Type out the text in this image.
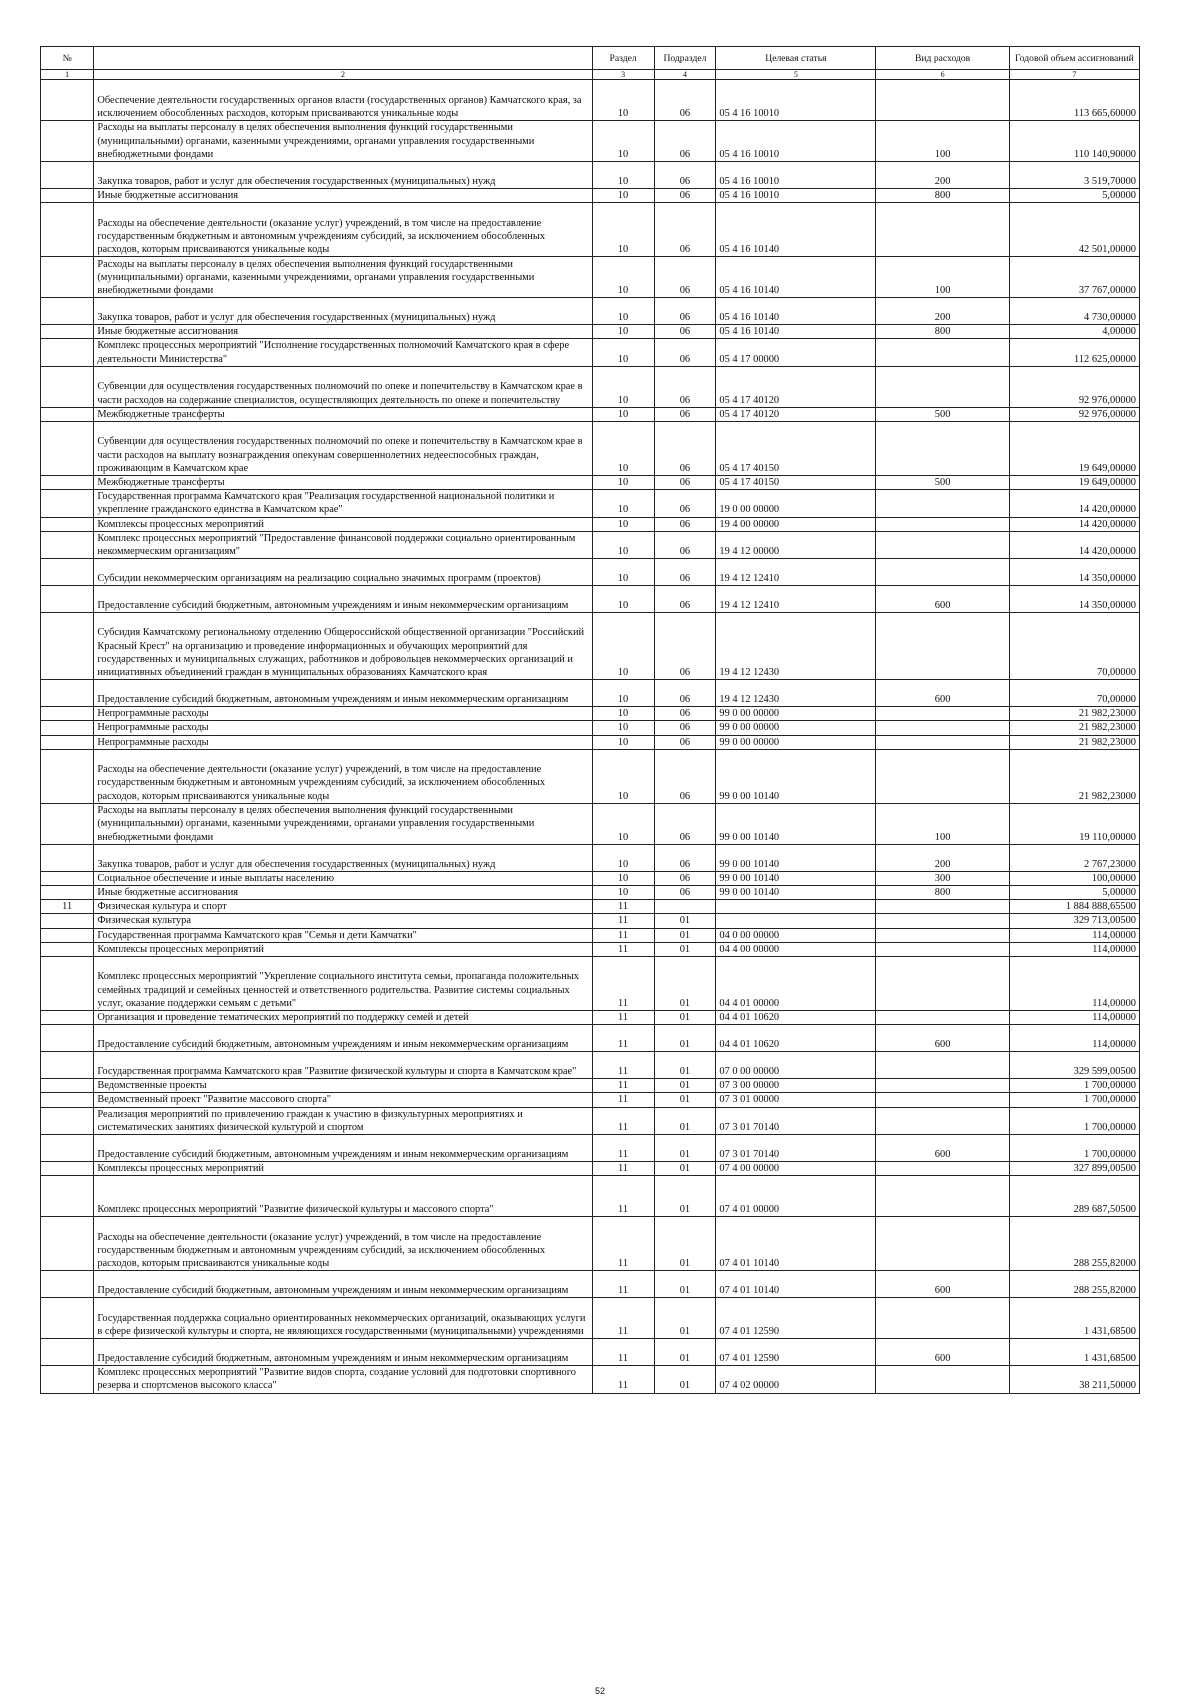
№		Раздел	Подраздел	Целевая статья	Вид расходов	Годовой объем ассигнований
1	2	3	4	5	6	7
	Обеспечение деятельности государственных органов власти (государственных органов) Камчатского края, за исключением обособленных расходов, которым присваиваются уникальные коды	10	06	05 4 16 10010		113 665,60000
	Расходы на выплаты персоналу в целях обеспечения выполнения функций государственными (муниципальными) органами, казенными учреждениями, органами управления государственными внебюджетными фондами	10	06	05 4 16 10010	100	110 140,90000
	Закупка товаров, работ и услуг для обеспечения государственных (муниципальных) нужд	10	06	05 4 16 10010	200	3 519,70000
	Иные бюджетные ассигнования	10	06	05 4 16 10010	800	5,00000
	Расходы на обеспечение деятельности (оказание услуг) учреждений, в том числе на предоставление государственным бюджетным и автономным учреждениям субсидий, за исключением обособленных расходов, которым присваиваются уникальные коды	10	06	05 4 16 10140		42 501,00000
	Расходы на выплаты персоналу в целях обеспечения выполнения функций государственными (муниципальными) органами, казенными учреждениями, органами управления государственными внебюджетными фондами	10	06	05 4 16 10140	100	37 767,00000
	Закупка товаров, работ и услуг для обеспечения государственных (муниципальных) нужд	10	06	05 4 16 10140	200	4 730,00000
	Иные бюджетные ассигнования	10	06	05 4 16 10140	800	4,00000
	Комплекс процессных мероприятий "Исполнение государственных полномочий Камчатского края в сфере деятельности Министерства"	10	06	05 4 17 00000		112 625,00000
	Субвенции для осуществления государственных полномочий по опеке и попечительству в Камчатском крае в части расходов на содержание специалистов, осуществляющих деятельность по опеке и попечительству	10	06	05 4 17 40120		92 976,00000
	Межбюджетные трансферты	10	06	05 4 17 40120	500	92 976,00000
	Субвенции для осуществления государственных полномочий по опеке и попечительству в Камчатском крае в части расходов на выплату вознаграждения опекунам совершеннолетних недееспособных граждан, проживающим в Камчатском крае	10	06	05 4 17 40150		19 649,00000
	Межбюджетные трансферты	10	06	05 4 17 40150	500	19 649,00000
	Государственная программа Камчатского края "Реализация государственной национальной политики и укрепление гражданского единства в Камчатском крае"	10	06	19 0 00 00000		14 420,00000
	Комплексы процессных мероприятий	10	06	19 4 00 00000		14 420,00000
	Комплекс процессных мероприятий "Предоставление финансовой поддержки социально ориентированным некоммерческим организациям"	10	06	19 4 12 00000		14 420,00000
	Субсидии некоммерческим организациям на реализацию социально значимых программ (проектов)	10	06	19 4 12 12410		14 350,00000
	Предоставление субсидий бюджетным, автономным учреждениям и иным некоммерческим организациям	10	06	19 4 12 12410	600	14 350,00000
	Субсидия Камчатскому региональному отделению Общероссийской общественной организации "Российский Красный Крест" на организацию и проведение информационных и обучающих мероприятий для государственных и муниципальных служащих, работников и добровольцев некоммерческих организаций и инициативных объединений граждан в муниципальных образованиях Камчатского края	10	06	19 4 12 12430		70,00000
	Предоставление субсидий бюджетным, автономным учреждениям и иным некоммерческим организациям	10	06	19 4 12 12430	600	70,00000
	Непрограммные расходы	10	06	99 0 00 00000		21 982,23000
	Непрограммные расходы	10	06	99 0 00 00000		21 982,23000
	Непрограммные расходы	10	06	99 0 00 00000		21 982,23000
	Расходы на обеспечение деятельности (оказание услуг) учреждений, в том числе на предоставление государственным бюджетным и автономным учреждениям субсидий, за исключением обособленных расходов, которым присваиваются уникальные коды	10	06	99 0 00 10140		21 982,23000
	Расходы на выплаты персоналу в целях обеспечения выполнения функций государственными (муниципальными) органами, казенными учреждениями, органами управления государственными внебюджетными фондами	10	06	99 0 00 10140	100	19 110,00000
	Закупка товаров, работ и услуг для обеспечения государственных (муниципальных) нужд	10	06	99 0 00 10140	200	2 767,23000
	Социальное обеспечение и иные выплаты населению	10	06	99 0 00 10140	300	100,00000
	Иные бюджетные ассигнования	10	06	99 0 00 10140	800	5,00000
11	Физическая культура и спорт	11				1 884 888,65500
	Физическая культура	11	01			329 713,00500
	Государственная программа Камчатского края "Семья и дети Камчатки"	11	01	04 0 00 00000		114,00000
	Комплексы процессных мероприятий	11	01	04 4 00 00000		114,00000
	Комплекс процессных мероприятий "Укрепление социального института семьи, пропаганда положительных семейных традиций и семейных ценностей и ответственного родительства. Развитие системы социальных услуг, оказание поддержки семьям с детьми"	11	01	04 4 01 00000		114,00000
	Организация и проведение тематических мероприятий по поддержку семей и детей	11	01	04 4 01 10620		114,00000
	Предоставление субсидий бюджетным, автономным учреждениям и иным некоммерческим организациям	11	01	04 4 01 10620	600	114,00000
	Государственная программа Камчатского края "Развитие физической культуры и спорта в Камчатском крае"	11	01	07 0 00 00000		329 599,00500
	Ведомственные проекты	11	01	07 3 00 00000		1 700,00000
	Ведомственный проект "Развитие массового спорта"	11	01	07 3 01 00000		1 700,00000
	Реализация мероприятий по привлечению граждан к участию в физкультурных мероприятиях и систематических занятиях физической культурой и спортом	11	01	07 3 01 70140		1 700,00000
	Предоставление субсидий бюджетным, автономным учреждениям и иным некоммерческим организациям	11	01	07 3 01 70140	600	1 700,00000
	Комплексы процессных мероприятий	11	01	07 4 00 00000		327 899,00500
	Комплекс процессных мероприятий "Развитие физической культуры и массового спорта"	11	01	07 4 01 00000		289 687,50500
	Расходы на обеспечение деятельности (оказание услуг) учреждений, в том числе на предоставление государственным бюджетным и автономным учреждениям субсидий, за исключением обособленных расходов, которым присваиваются уникальные коды	11	01	07 4 01 10140		288 255,82000
	Предоставление субсидий бюджетным, автономным учреждениям и иным некоммерческим организациям	11	01	07 4 01 10140	600	288 255,82000
	Государственная поддержка социально ориентированных некоммерческих организаций, оказывающих услуги в сфере физической культуры и спорта, не являющихся государственными (муниципальными) учреждениями	11	01	07 4 01 12590		1 431,68500
	Предоставление субсидий бюджетным, автономным учреждениям и иным некоммерческим организациям	11	01	07 4 01 12590	600	1 431,68500
	Комплекс процессных мероприятий "Развитие видов спорта, создание условий для подготовки спортивного резерва и спортсменов высокого класса"	11	01	07 4 02 00000		38 211,50000
52
